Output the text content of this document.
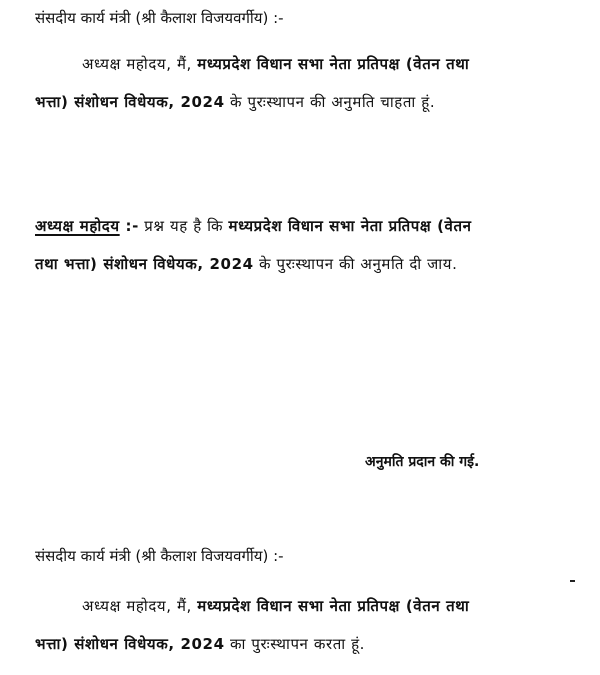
संसदीय कार्य मंत्री (श्री कैलाश विजयवर्गीय) :-
अध्यक्ष महोदय, मैं, मध्यप्रदेश विधान सभा नेता प्रतिपक्ष (वेतन तथा
भत्ता) संशोधन विधेयक, 2024 के पुरःस्थापन की अनुमति चाहता हूं.
अध्यक्ष महोदय :- प्रश्न यह है कि मध्यप्रदेश विधान सभा नेता प्रतिपक्ष (वेतन
तथा भत्ता) संशोधन विधेयक, 2024 के पुरःस्थापन की अनुमति दी जाय.
अनुमति प्रदान की गई.
संसदीय कार्य मंत्री (श्री कैलाश विजयवर्गीय) :-
अध्यक्ष महोदय, मैं, मध्यप्रदेश विधान सभा नेता प्रतिपक्ष (वेतन तथा
भत्ता) संशोधन विधेयक, 2024 का पुरःस्थापन करता हूं.
